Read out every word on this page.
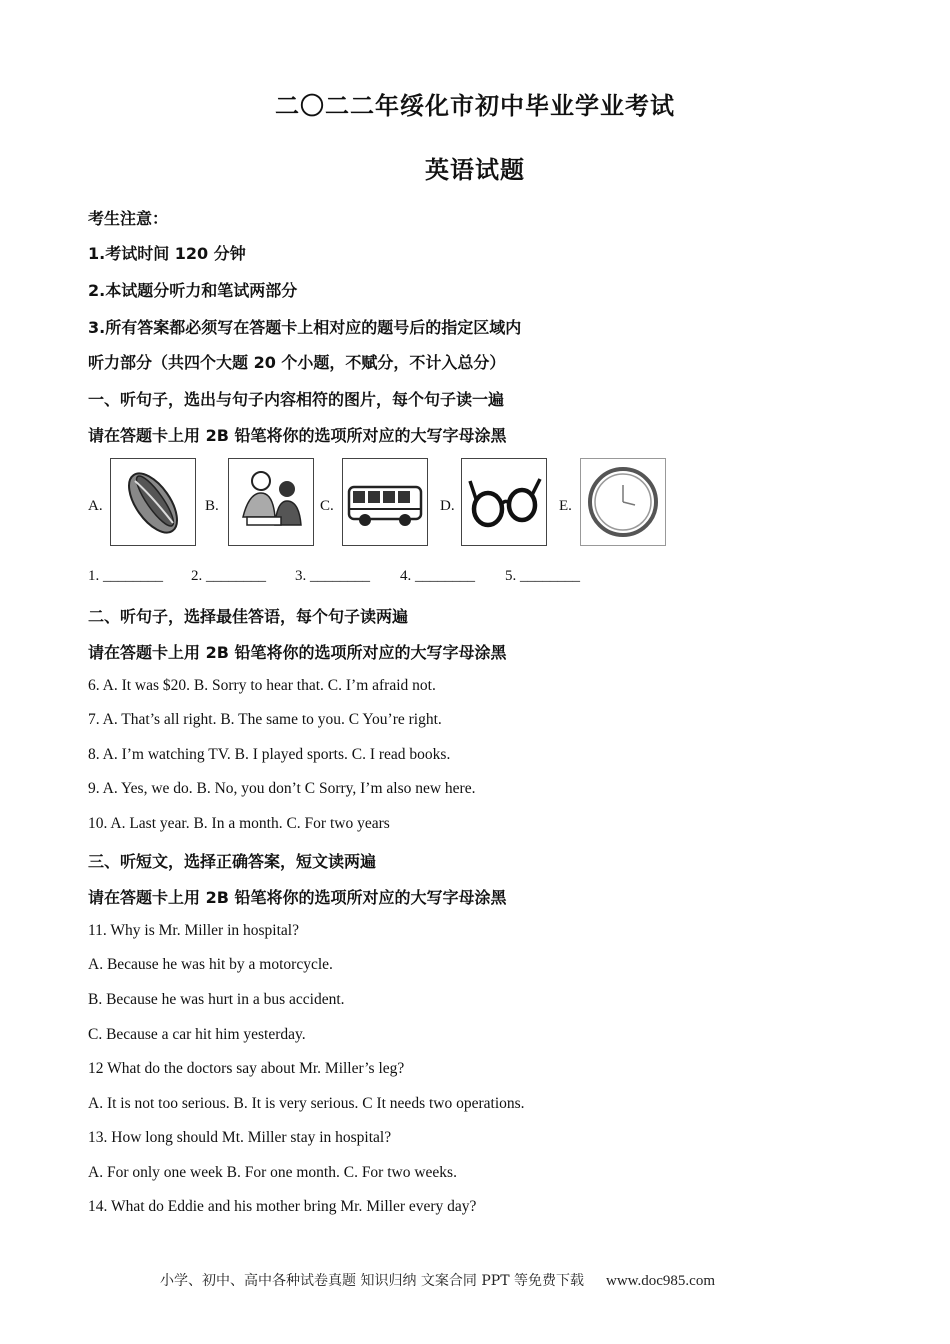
二〇二二年绥化市初中毕业学业考试
英语试题
考生注意：
1.考试时间 120 分钟
2.本试题分听力和笔试两部分
3.所有答案都必须写在答题卡上相对应的题号后的指定区域内
听力部分（共四个大题 20 个小题，不赋分，不计入总分）
一、听句子，选出与句子内容相符的图片，每个句子读一遍
请在答题卡上用 2B 铅笔将你的选项所对应的大写字母涂黑
A.	B.	C.	D.	E.
1. ________ 2. ________ 3. ________ 4. ________ 5. ________
二、听句子，选择最佳答语，每个句子读两遍
请在答题卡上用 2B 铅笔将你的选项所对应的大写字母涂黑
6. A. It was $20. B. Sorry to hear that. C. I’m afraid not.
7. A. That’s all right. B. The same to you. C You’re right.
8. A. I’m watching TV. B. I played sports. C. I read books.
9. A. Yes, we do. B. No, you don’t C Sorry, I’m also new here.
10. A. Last year. B. In a month. C. For two years
三、听短文，选择正确答案，短文读两遍
请在答题卡上用 2B 铅笔将你的选项所对应的大写字母涂黑
11. Why is Mr. Miller in hospital?
A. Because he was hit by a motorcycle.
B. Because he was hurt in a bus accident.
C. Because a car hit him yesterday.
12 What do the doctors say about Mr. Miller’s leg?
A. It is not too serious. B. It is very serious. C It needs two operations.
13. How long should Mt. Miller stay in hospital?
A. For only one week B. For one month. C. For two weeks.
14. What do Eddie and his mother bring Mr. Miller every day?
小学、初中、高中各种试卷真题 知识归纳 文案合同 PPT 等免费下载 www.doc985.com
